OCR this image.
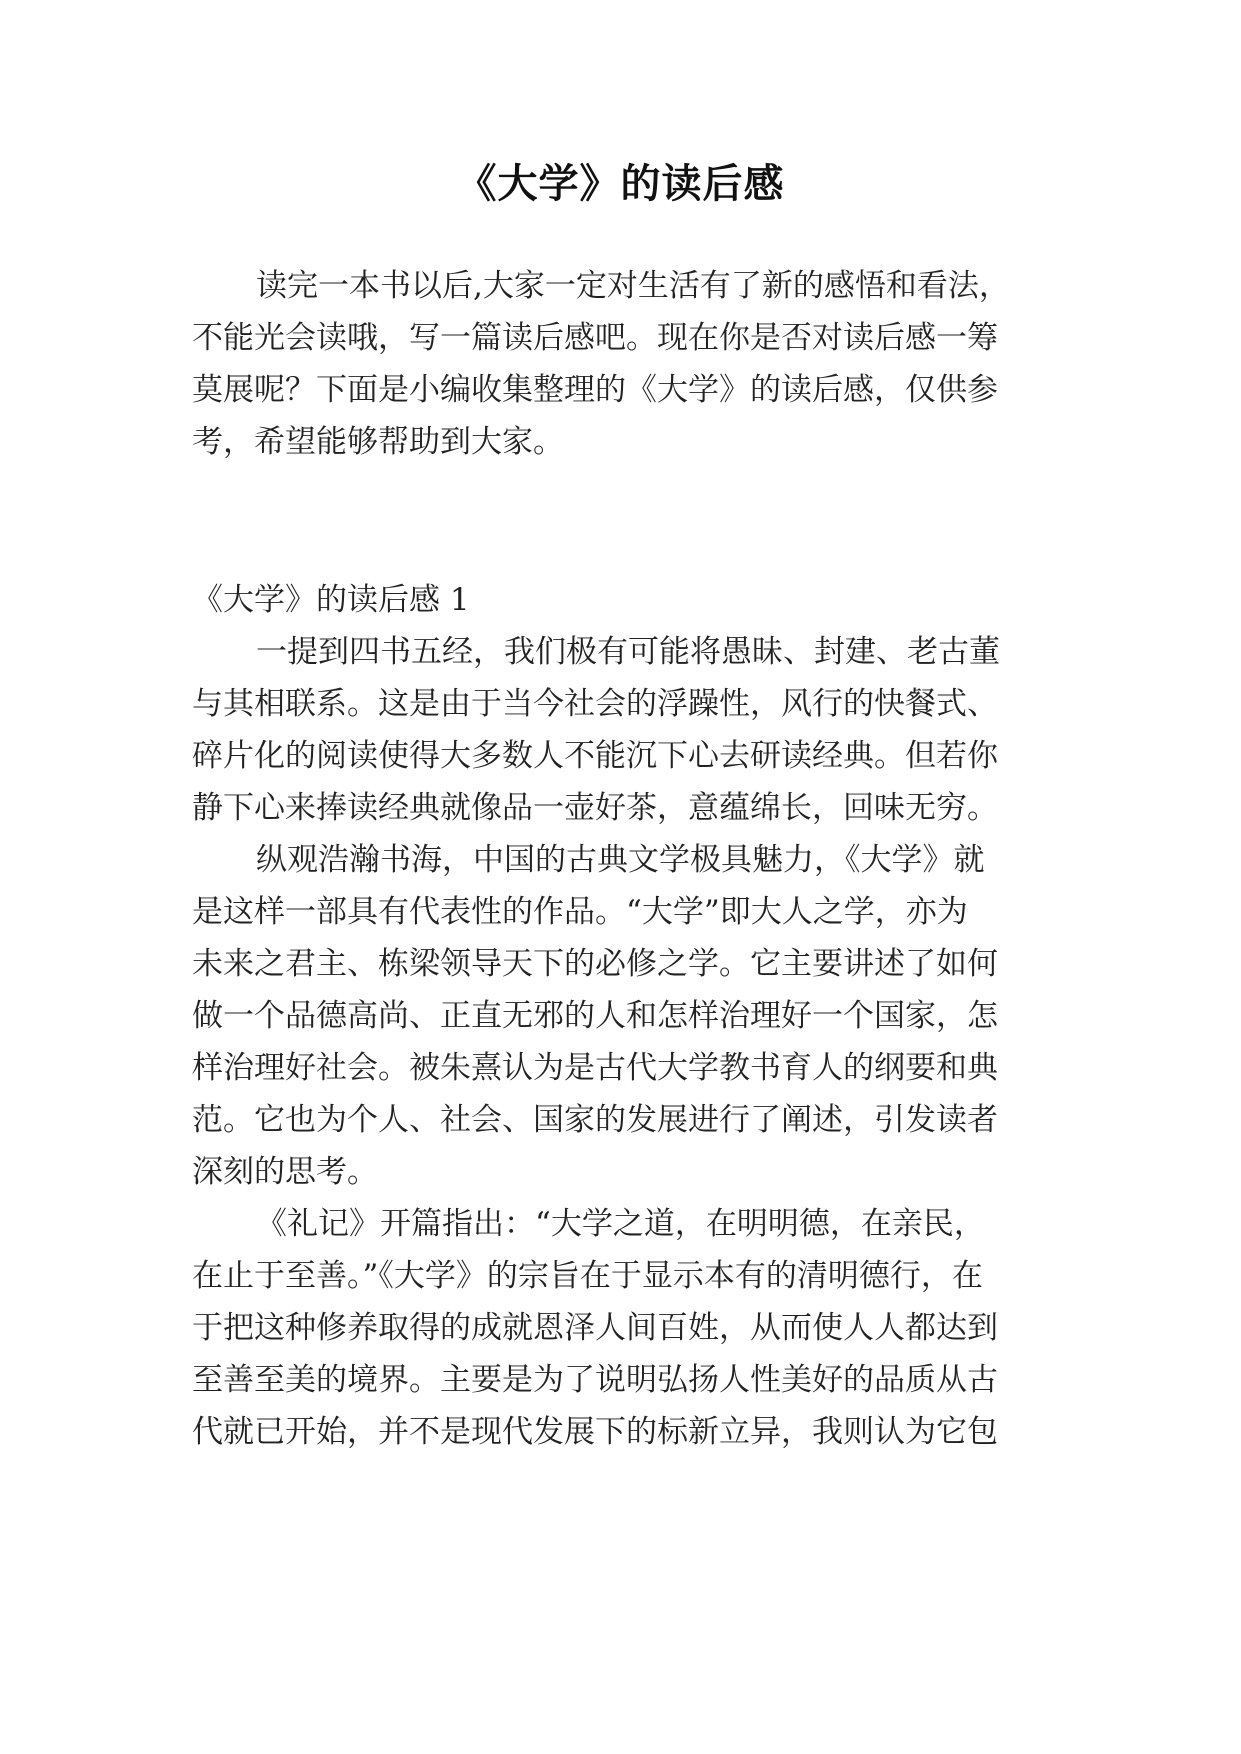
《大学》的读后感
读完一本书以后,大家一定对生活有了新的感悟和看法，
不能光会读哦，写一篇读后感吧。现在你是否对读后感一筹
莫展呢？下面是小编收集整理的《大学》的读后感，仅供参
考，希望能够帮助到大家。
《大学》的读后感 1
一提到四书五经，我们极有可能将愚昧、封建、老古董
与其相联系。这是由于当今社会的浮躁性，风行的快餐式、
碎片化的阅读使得大多数人不能沉下心去研读经典。但若你
静下心来捧读经典就像品一壶好茶，意蕴绵长，回味无穷。
纵观浩瀚书海，中国的古典文学极具魅力，《大学》就
是这样一部具有代表性的作品。“大学”即大人之学，亦为
未来之君主、栋梁领导天下的必修之学。它主要讲述了如何
做一个品德高尚、正直无邪的人和怎样治理好一个国家，怎
样治理好社会。被朱熹认为是古代大学教书育人的纲要和典
范。它也为个人、社会、国家的发展进行了阐述，引发读者
深刻的思考。
《礼记》开篇指出：“大学之道，在明明德，在亲民，
在止于至善。”《大学》的宗旨在于显示本有的清明德行，在
于把这种修养取得的成就恩泽人间百姓，从而使人人都达到
至善至美的境界。主要是为了说明弘扬人性美好的品质从古
代就已开始，并不是现代发展下的标新立异，我则认为它包
